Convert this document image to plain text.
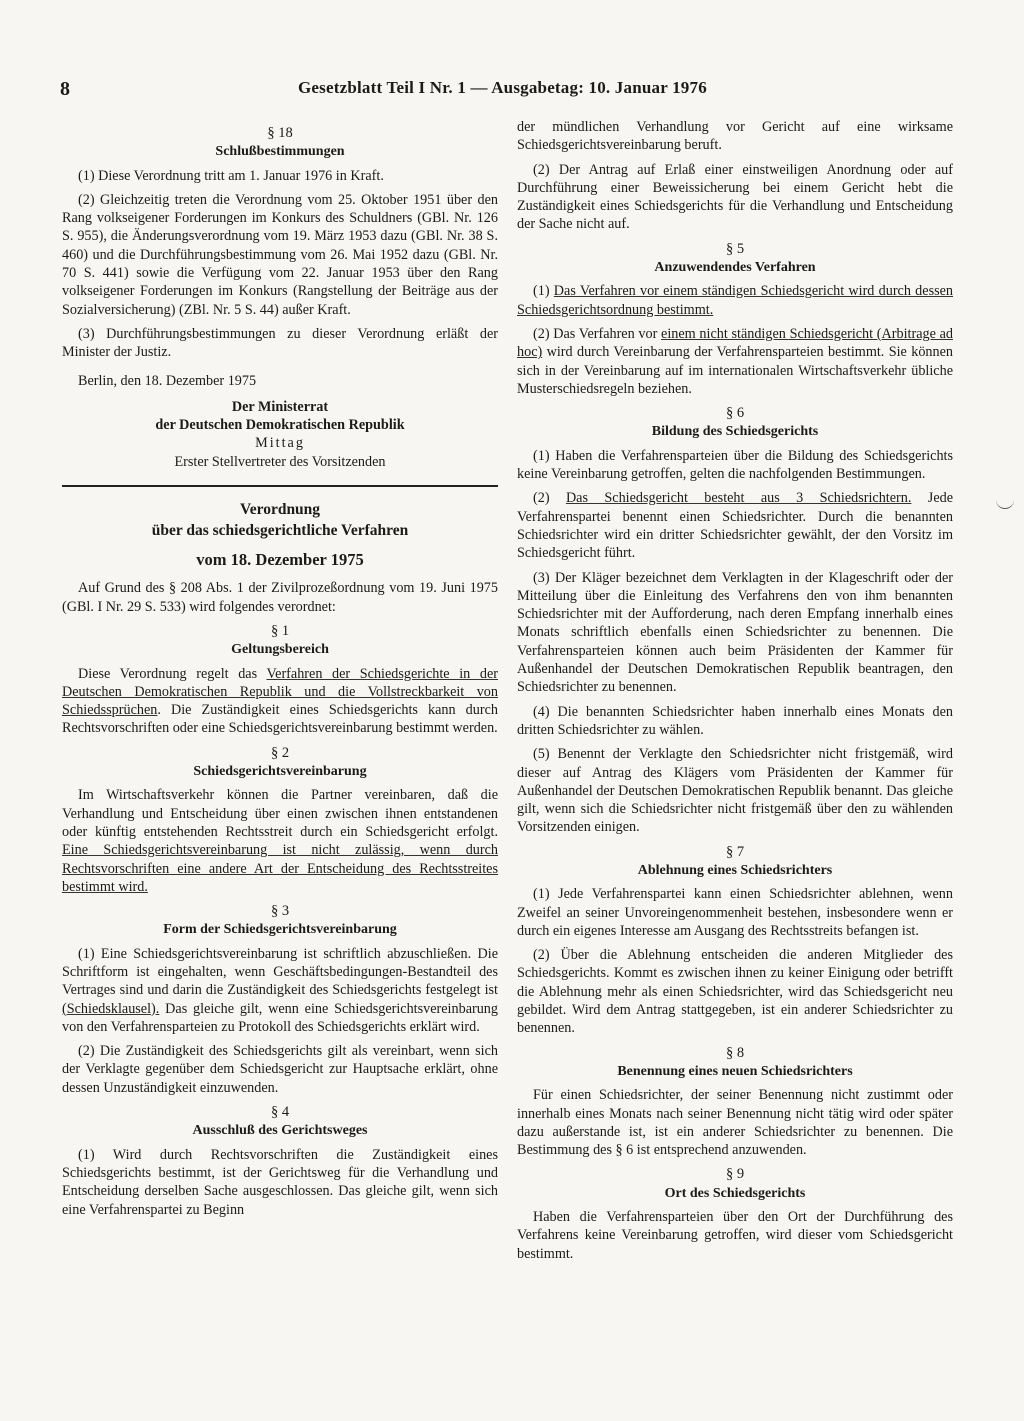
8	Gesetzblatt Teil I Nr. 1 — Ausgabetag: 10. Januar 1976
§ 18
Schlußbestimmungen

(1) Diese Verordnung tritt am 1. Januar 1976 in Kraft.

(2) Gleichzeitig treten die Verordnung vom 25. Oktober 1951 über den Rang volkseigener Forderungen im Konkurs des Schuldners (GBl. Nr. 126 S. 955), die Änderungsverordnung vom 19. März 1953 dazu (GBl. Nr. 38 S. 460) und die Durchführungsbestimmung vom 26. Mai 1952 dazu (GBl. Nr. 70 S. 441) sowie die Verfügung vom 22. Januar 1953 über den Rang volkseigener Forderungen im Konkurs (Rangstellung der Beiträge aus der Sozialversicherung) (ZBl. Nr. 5 S. 44) außer Kraft.

(3) Durchführungsbestimmungen zu dieser Verordnung erläßt der Minister der Justiz.

Berlin, den 18. Dezember 1975

Der Ministerrat
der Deutschen Demokratischen Republik
Mittag
Erster Stellvertreter des Vorsitzenden
Verordnung
über das schiedsgerichtliche Verfahren
vom 18. Dezember 1975

Auf Grund des § 208 Abs. 1 der Zivilprozeßordnung vom 19. Juni 1975 (GBl. I Nr. 29 S. 533) wird folgendes verordnet:

§ 1
Geltungsbereich

Diese Verordnung regelt das Verfahren der Schiedsgerichte in der Deutschen Demokratischen Republik und die Vollstreckbarkeit von Schiedssprüchen. Die Zuständigkeit eines Schiedsgerichts kann durch Rechtsvorschriften oder eine Schiedsgerichtsvereinbarung bestimmt werden.

§ 2
Schiedsgerichtsvereinbarung

Im Wirtschaftsverkehr können die Partner vereinbaren, daß die Verhandlung und Entscheidung über einen zwischen ihnen entstandenen oder künftig entstehenden Rechtsstreit durch ein Schiedsgericht erfolgt. Eine Schiedsgerichtsvereinbarung ist nicht zulässig, wenn durch Rechtsvorschriften eine andere Art der Entscheidung des Rechtsstreites bestimmt wird.

§ 3
Form der Schiedsgerichtsvereinbarung

(1) Eine Schiedsgerichtsvereinbarung ist schriftlich abzuschließen. Die Schriftform ist eingehalten, wenn Geschäftsbedingungen-Bestandteil des Vertrages sind und darin die Zuständigkeit des Schiedsgerichts festgelegt ist (Schiedsklausel). Das gleiche gilt, wenn eine Schiedsgerichtsvereinbarung von den Verfahrensparteien zu Protokoll des Schiedsgerichts erklärt wird.

(2) Die Zuständigkeit des Schiedsgerichts gilt als vereinbart, wenn sich der Verklagte gegenüber dem Schiedsgericht zur Hauptsache erklärt, ohne dessen Unzuständigkeit einzuwenden.

§ 4
Ausschluß des Gerichtsweges

(1) Wird durch Rechtsvorschriften die Zuständigkeit eines Schiedsgerichts bestimmt, ist der Gerichtsweg für die Verhandlung und Entscheidung derselben Sache ausgeschlossen. Das gleiche gilt, wenn sich eine Verfahrenspartei zu Beginn

der mündlichen Verhandlung vor Gericht auf eine wirksame Schiedsgerichtsvereinbarung beruft.

(2) Der Antrag auf Erlaß einer einstweiligen Anordnung oder auf Durchführung einer Beweissicherung bei einem Gericht hebt die Zuständigkeit eines Schiedsgerichts für die Verhandlung und Entscheidung der Sache nicht auf.

§ 5
Anzuwendendes Verfahren

(1) Das Verfahren vor einem ständigen Schiedsgericht wird durch dessen Schiedsgerichtsordnung bestimmt.

(2) Das Verfahren vor einem nicht ständigen Schiedsgericht (Arbitrage ad hoc) wird durch Vereinbarung der Verfahrensparteien bestimmt. Sie können sich in der Vereinbarung auf im internationalen Wirtschaftsverkehr übliche Musterschiedsregeln beziehen.

§ 6
Bildung des Schiedsgerichts

(1) Haben die Verfahrensparteien über die Bildung des Schiedsgerichts keine Vereinbarung getroffen, gelten die nachfolgenden Bestimmungen.

(2) Das Schiedsgericht besteht aus 3 Schiedsrichtern. Jede Verfahrenspartei benennt einen Schiedsrichter. Durch die benannten Schiedsrichter wird ein dritter Schiedsrichter gewählt, der den Vorsitz im Schiedsgericht führt.

(3) Der Kläger bezeichnet dem Verklagten in der Klageschrift oder der Mitteilung über die Einleitung des Verfahrens den von ihm benannten Schiedsrichter mit der Aufforderung, nach deren Empfang innerhalb eines Monats schriftlich ebenfalls einen Schiedsrichter zu benennen. Die Verfahrensparteien können auch beim Präsidenten der Kammer für Außenhandel der Deutschen Demokratischen Republik beantragen, den Schiedsrichter zu benennen.

(4) Die benannten Schiedsrichter haben innerhalb eines Monats den dritten Schiedsrichter zu wählen.

(5) Benennt der Verklagte den Schiedsrichter nicht fristgemäß, wird dieser auf Antrag des Klägers vom Präsidenten der Kammer für Außenhandel der Deutschen Demokratischen Republik benannt. Das gleiche gilt, wenn sich die Schiedsrichter nicht fristgemäß über den zu wählenden Vorsitzenden einigen.

§ 7
Ablehnung eines Schiedsrichters

(1) Jede Verfahrenspartei kann einen Schiedsrichter ablehnen, wenn Zweifel an seiner Unvoreingenommenheit bestehen, insbesondere wenn er durch ein eigenes Interesse am Ausgang des Rechtsstreits befangen ist.

(2) Über die Ablehnung entscheiden die anderen Mitglieder des Schiedsgerichts. Kommt es zwischen ihnen zu keiner Einigung oder betrifft die Ablehnung mehr als einen Schiedsrichter, wird das Schiedsgericht neu gebildet. Wird dem Antrag stattgegeben, ist ein anderer Schiedsrichter zu benennen.

§ 8
Benennung eines neuen Schiedsrichters

Für einen Schiedsrichter, der seiner Benennung nicht zustimmt oder innerhalb eines Monats nach seiner Benennung nicht tätig wird oder später dazu außerstande ist, ist ein anderer Schiedsrichter zu benennen. Die Bestimmung des § 6 ist entsprechend anzuwenden.

§ 9
Ort des Schiedsgerichts

Haben die Verfahrensparteien über den Ort der Durchführung des Verfahrens keine Vereinbarung getroffen, wird dieser vom Schiedsgericht bestimmt.
